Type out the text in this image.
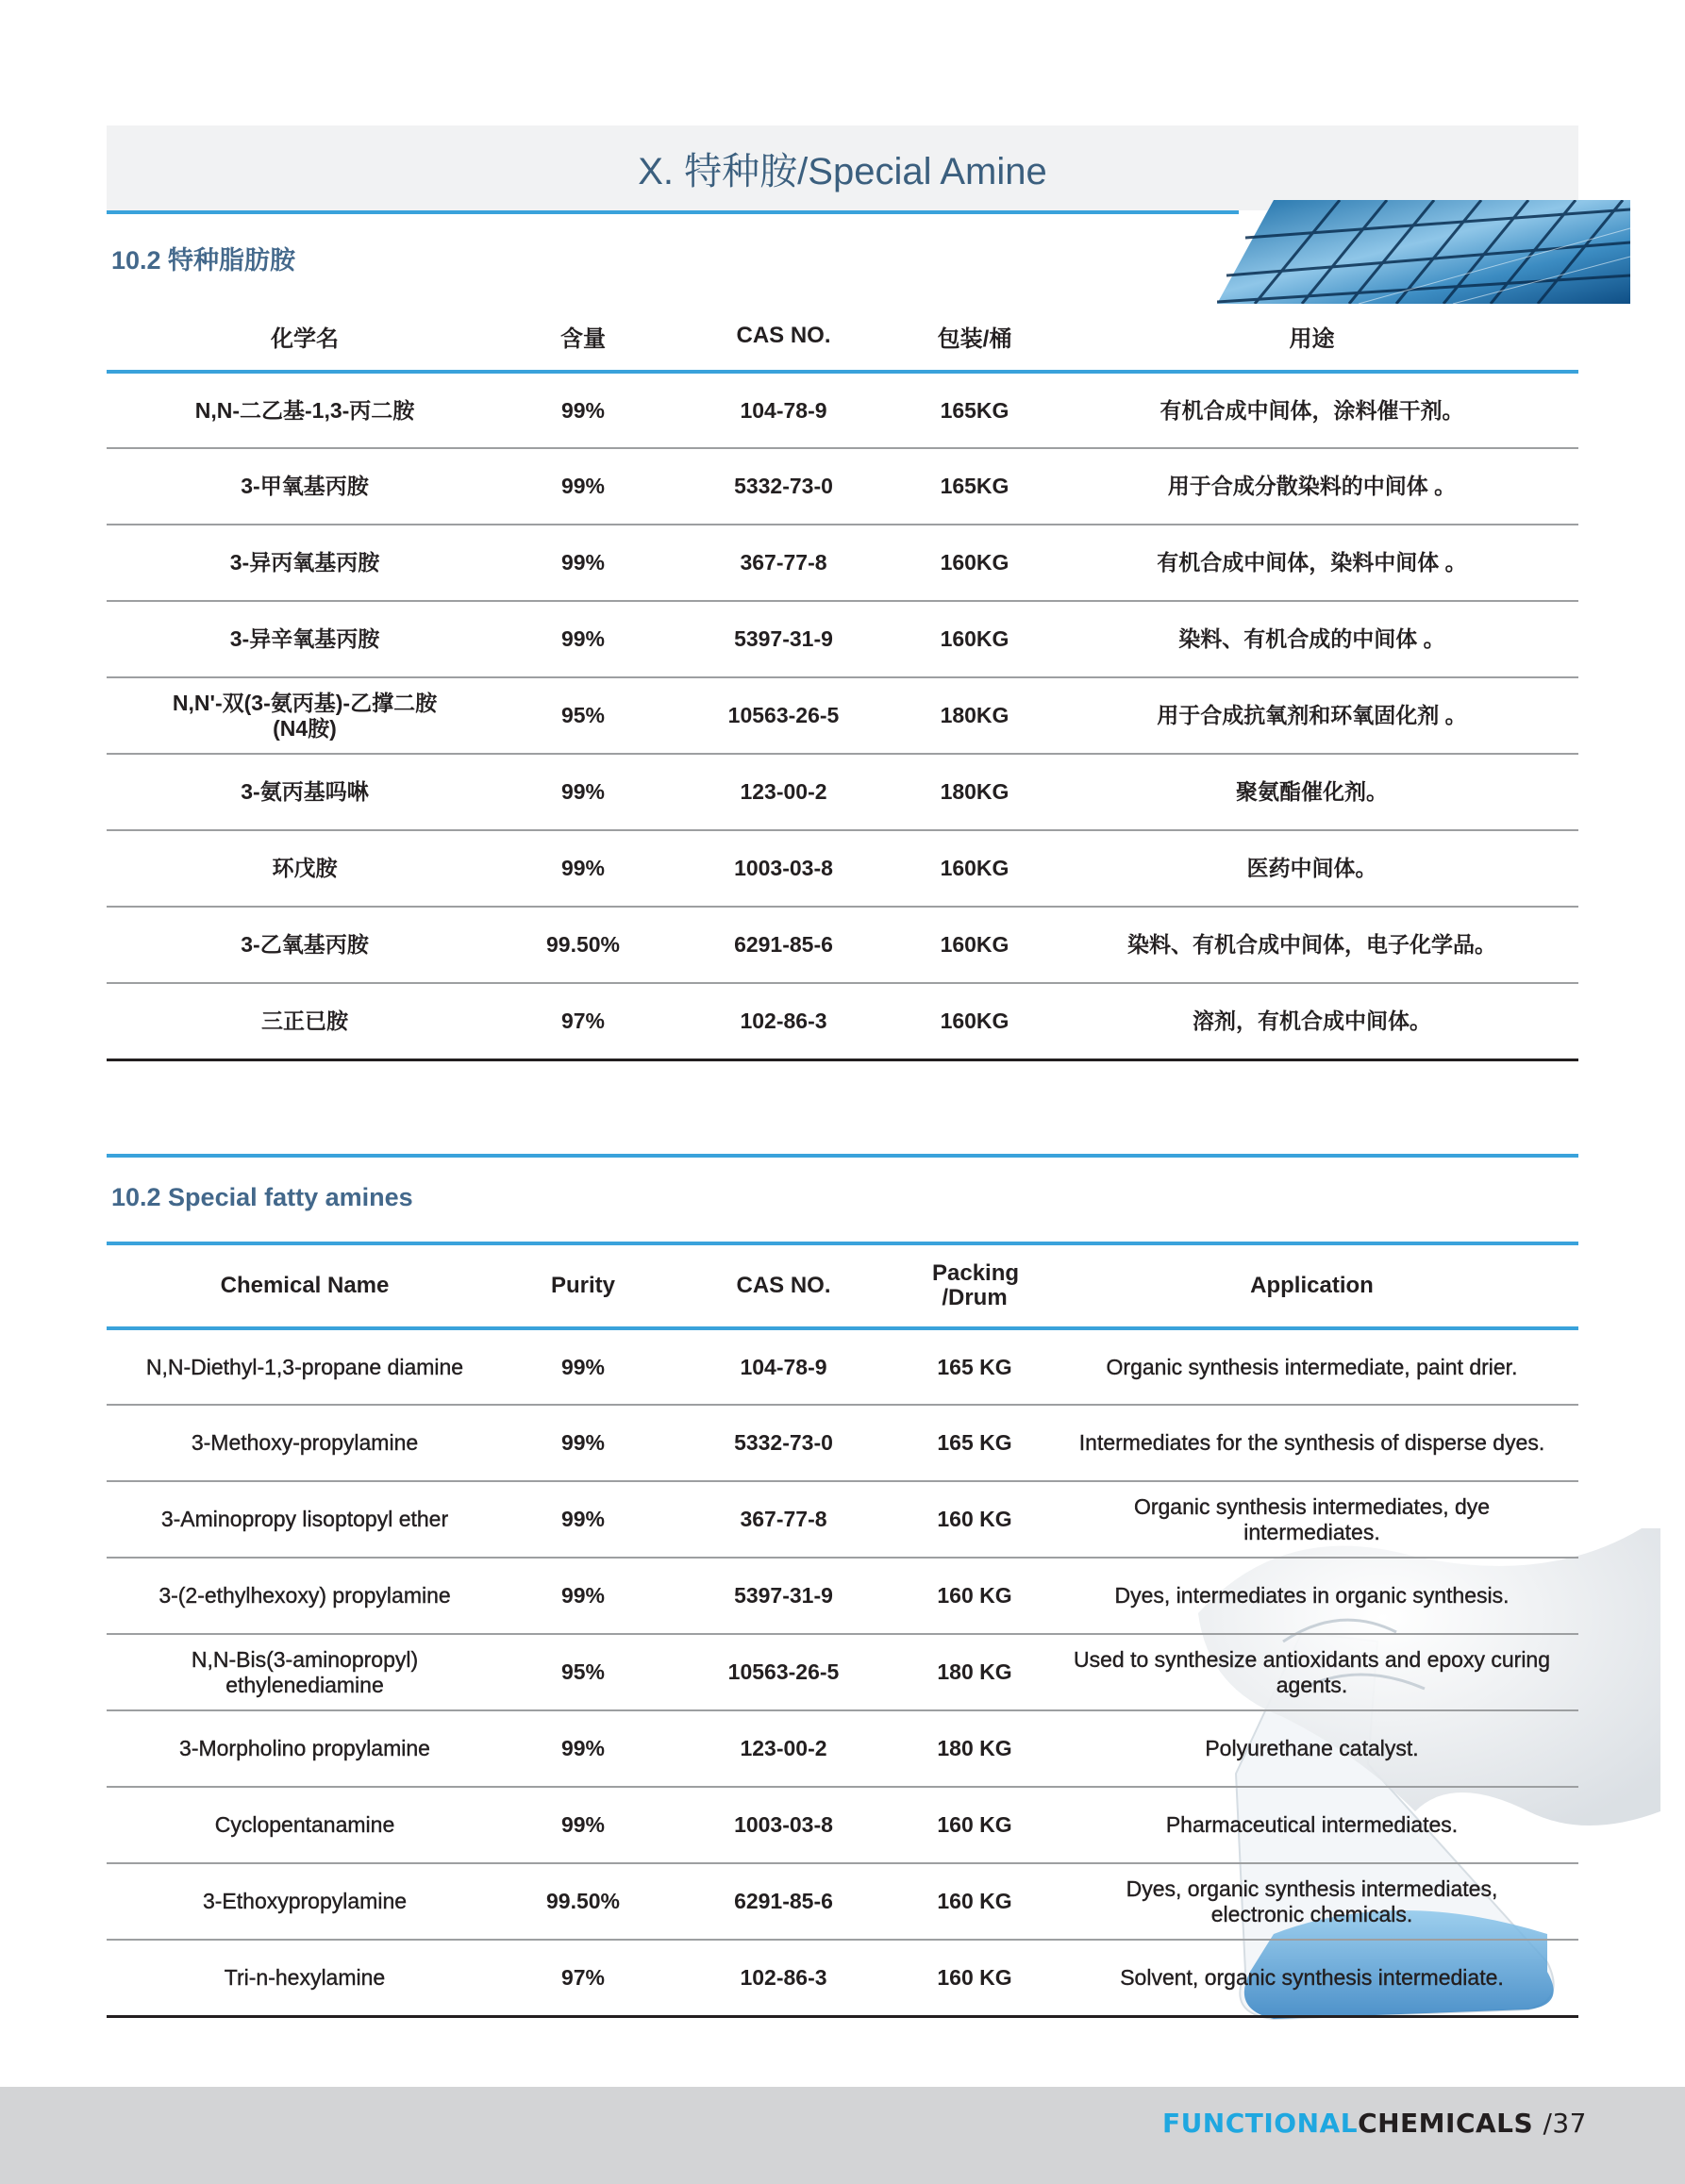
X. 特种胺/Special Amine
10.2 特种脂肪胺
化学名	含量	CAS NO.	包装/桶	用途
N,N-二乙基-1,3-丙二胺	99%	104-78-9	165KG	有机合成中间体，涂料催干剂。
3-甲氧基丙胺	99%	5332-73-0	165KG	用于合成分散染料的中间体 。
3-异丙氧基丙胺	99%	367-77-8	160KG	有机合成中间体，染料中间体 。
3-异辛氧基丙胺	99%	5397-31-9	160KG	染料、有机合成的中间体 。
N,N'-双(3-氨丙基)-乙撑二胺 (N4胺)	95%	10563-26-5	180KG	用于合成抗氧剂和环氧固化剂 。
3-氨丙基吗啉	99%	123-00-2	180KG	聚氨酯催化剂。
环戊胺	99%	1003-03-8	160KG	医药中间体。
3-乙氧基丙胺	99.50%	6291-85-6	160KG	染料、有机合成中间体，电子化学品。
三正已胺	97%	102-86-3	160KG	溶剂，有机合成中间体。
10.2 Special fatty amines
Chemical Name	Purity	CAS NO.	Packing /Drum	Application
N,N-Diethyl-1,3-propane diamine	99%	104-78-9	165 KG	Organic synthesis intermediate, paint drier.
3-Methoxy-propylamine	99%	5332-73-0	165 KG	Intermediates for the synthesis of disperse dyes.
3-Aminopropy lisoptopyl ether	99%	367-77-8	160 KG	Organic synthesis intermediates, dye intermediates.
3-(2-ethylhexoxy) propylamine	99%	5397-31-9	160 KG	Dyes, intermediates in organic synthesis.
N,N-Bis(3-aminopropyl) ethylenediamine	95%	10563-26-5	180 KG	Used to synthesize antioxidants and epoxy curing agents.
3-Morpholino propylamine	99%	123-00-2	180 KG	Polyurethane catalyst.
Cyclopentanamine	99%	1003-03-8	160 KG	Pharmaceutical intermediates.
3-Ethoxypropylamine	99.50%	6291-85-6	160 KG	Dyes, organic synthesis intermediates, electronic chemicals.
Tri-n-hexylamine	97%	102-86-3	160 KG	Solvent, organic synthesis intermediate.
FUNCTIONALCHEMICALS /37
